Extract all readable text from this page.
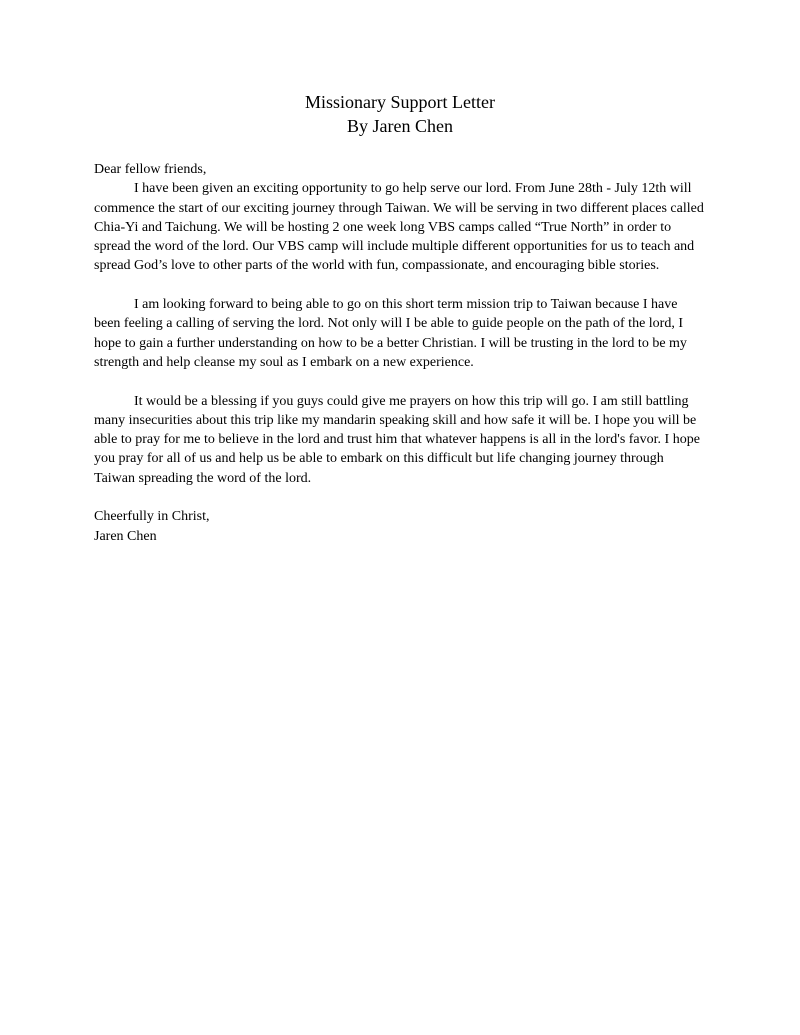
Missionary Support Letter
By Jaren Chen

Dear fellow friends,

I have been given an exciting opportunity to go help serve our lord. From June 28th - July 12th will commence the start of our exciting journey through Taiwan. We will be serving in two different places called Chia-Yi and Taichung. We will be hosting 2 one week long VBS camps called “True North” in order to spread the word of the lord. Our VBS camp will include multiple different opportunities for us to teach and spread God’s love to other parts of the world with fun, compassionate, and encouraging bible stories.

I am looking forward to being able to go on this short term mission trip to Taiwan because I have been feeling a calling of serving the lord. Not only will I be able to guide people on the path of the lord, I hope to gain a further understanding on how to be a better Christian. I will be trusting in the lord to be my strength and help cleanse my soul as I embark on a new experience.

It would be a blessing if you guys could give me prayers on how this trip will go. I am still battling many insecurities about this trip like my mandarin speaking skill and how safe it will be. I hope you will be able to pray for me to believe in the lord and trust him that whatever happens is all in the lord's favor. I hope you pray for all of us and help us be able to embark on this difficult but life changing journey through Taiwan spreading the word of the lord.

Cheerfully in Christ,

Jaren Chen
